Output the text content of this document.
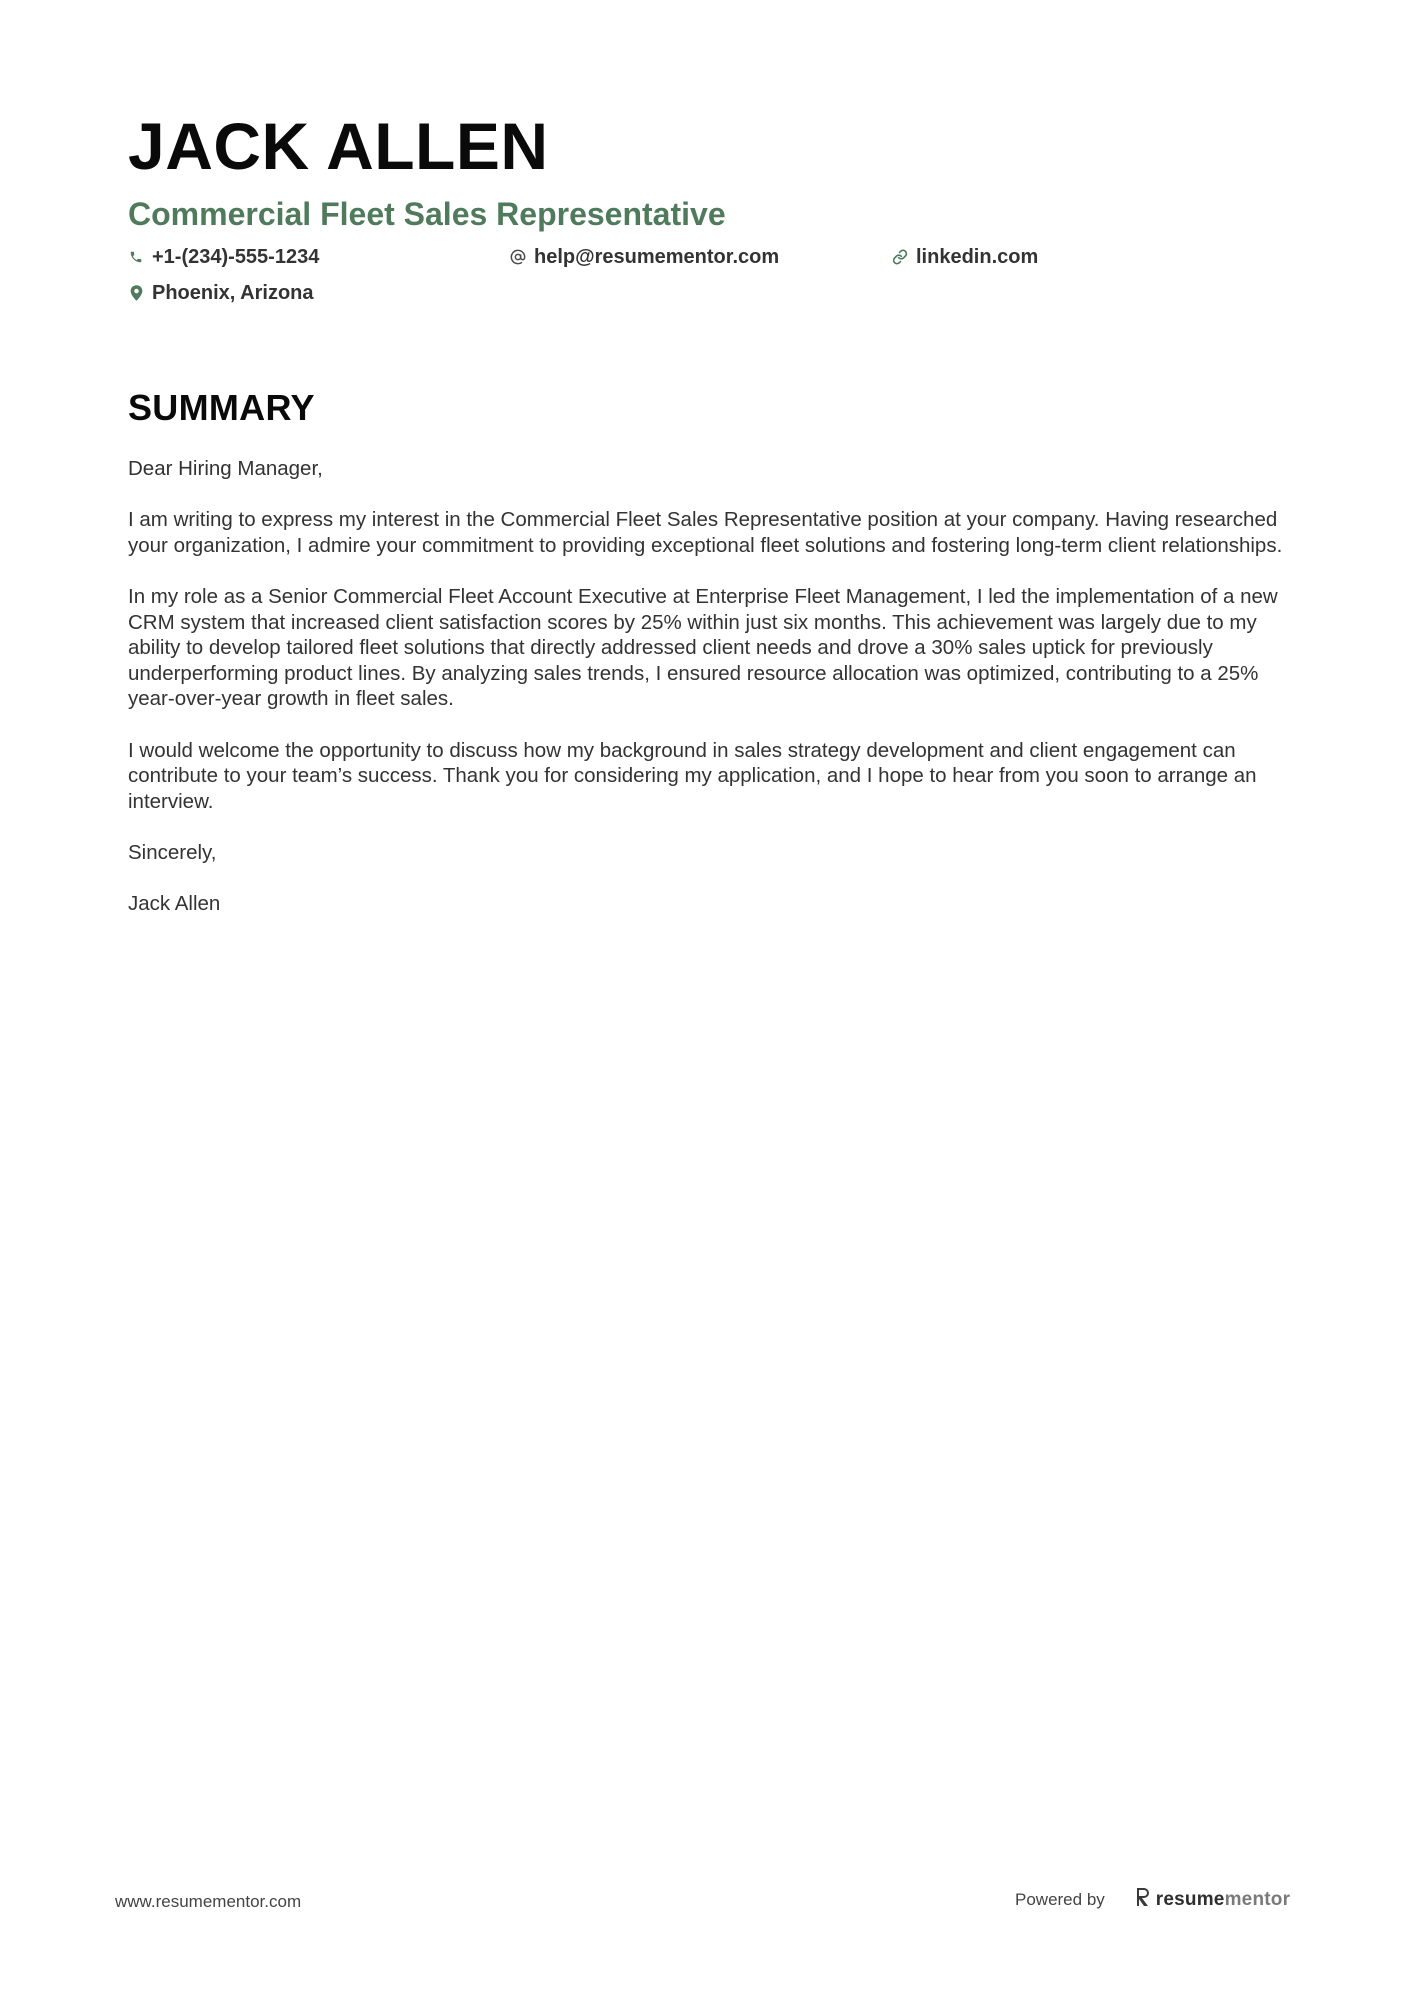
JACK ALLEN
Commercial Fleet Sales Representative
+1-(234)-555-1234	help@resumementor.com	linkedin.com
Phoenix, Arizona
SUMMARY

Dear Hiring Manager,

I am writing to express my interest in the Commercial Fleet Sales Representative position at your company. Having researched your organization, I admire your commitment to providing exceptional fleet solutions and fostering long-term client relationships.

In my role as a Senior Commercial Fleet Account Executive at Enterprise Fleet Management, I led the implementation of a new CRM system that increased client satisfaction scores by 25% within just six months. This achievement was largely due to my ability to develop tailored fleet solutions that directly addressed client needs and drove a 30% sales uptick for previously underperforming product lines. By analyzing sales trends, I ensured resource allocation was optimized, contributing to a 25% year-over-year growth in fleet sales.

I would welcome the opportunity to discuss how my background in sales strategy development and client engagement can contribute to your team’s success. Thank you for considering my application, and I hope to hear from you soon to arrange an interview.

Sincerely,

Jack Allen

www.resumementor.com	Powered by	resumementor
